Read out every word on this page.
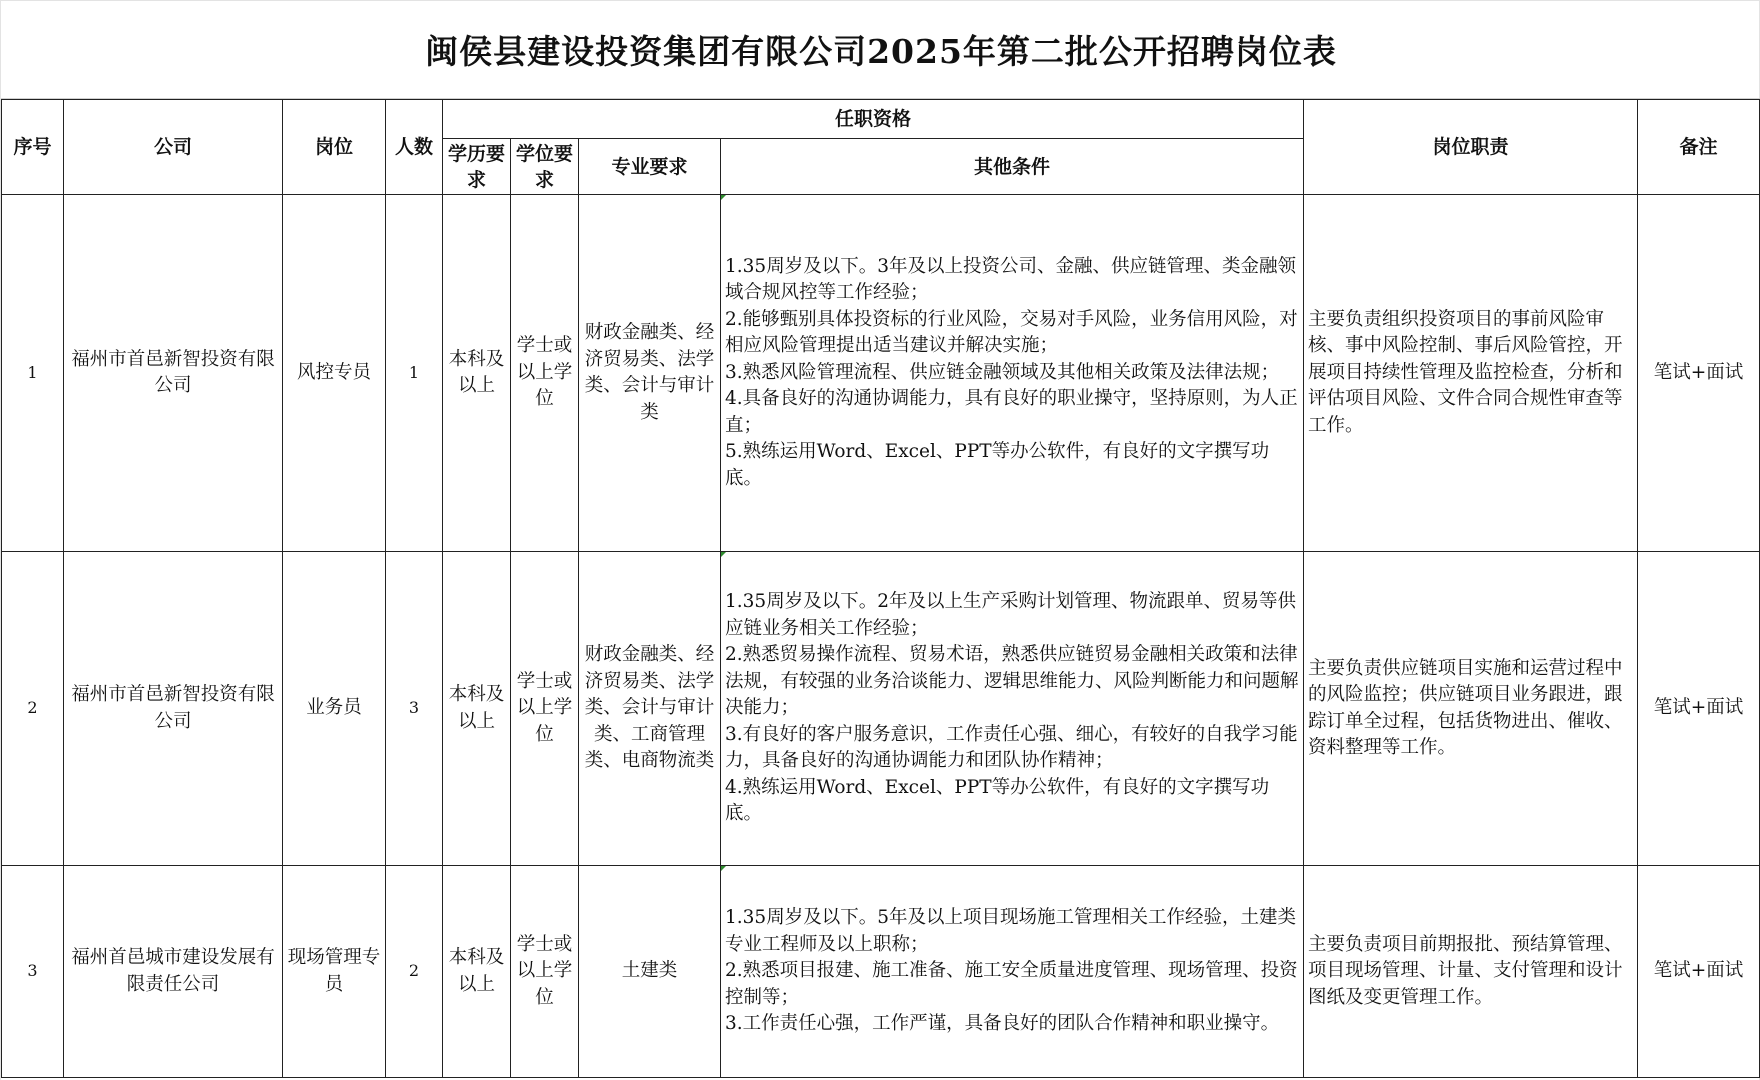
闽侯县建设投资集团有限公司2025年第二批公开招聘岗位表
序号	公司	岗位	人数	任职资格				岗位职责	备注
				学历要求	学位要求	专业要求	其他条件		
1	福州市首邑新智投资有限公司	风控专员	1	本科及以上	学士或以上学位	财政金融类、经济贸易类、法学类、会计与审计类	1.35周岁及以下。3年及以上投资公司、金融、供应链管理、类金融领域合规风控等工作经验；
2.能够甄别具体投资标的行业风险，交易对手风险，业务信用风险，对相应风险管理提出适当建议并解决实施；
3.熟悉风险管理流程、供应链金融领域及其他相关政策及法律法规；
4.具备良好的沟通协调能力，具有良好的职业操守，坚持原则，为人正直；
5.熟练运用Word、Excel、PPT等办公软件，有良好的文字撰写功底。	主要负责组织投资项目的事前风险审核、事中风险控制、事后风险管控，开展项目持续性管理及监控检查，分析和评估项目风险、文件合同合规性审查等工作。	笔试+面试
2	福州市首邑新智投资有限公司	业务员	3	本科及以上	学士或以上学位	财政金融类、经济贸易类、法学类、会计与审计类、工商管理类、电商物流类	1.35周岁及以下。2年及以上生产采购计划管理、物流跟单、贸易等供应链业务相关工作经验；
2.熟悉贸易操作流程、贸易术语，熟悉供应链贸易金融相关政策和法律法规，有较强的业务洽谈能力、逻辑思维能力、风险判断能力和问题解决能力；
3.有良好的客户服务意识，工作责任心强、细心，有较好的自我学习能力，具备良好的沟通协调能力和团队协作精神；
4.熟练运用Word、Excel、PPT等办公软件，有良好的文字撰写功底。	主要负责供应链项目实施和运营过程中的风险监控；供应链项目业务跟进，跟踪订单全过程，包括货物进出、催收、资料整理等工作。	笔试+面试
3	福州首邑城市建设发展有限责任公司	现场管理专员	2	本科及以上	学士或以上学位	土建类	1.35周岁及以下。5年及以上项目现场施工管理相关工作经验，土建类专业工程师及以上职称；
2.熟悉项目报建、施工准备、施工安全质量进度管理、现场管理、投资控制等；
3.工作责任心强，工作严谨，具备良好的团队合作精神和职业操守。	主要负责项目前期报批、预结算管理、项目现场管理、计量、支付管理和设计图纸及变更管理工作。	笔试+面试
